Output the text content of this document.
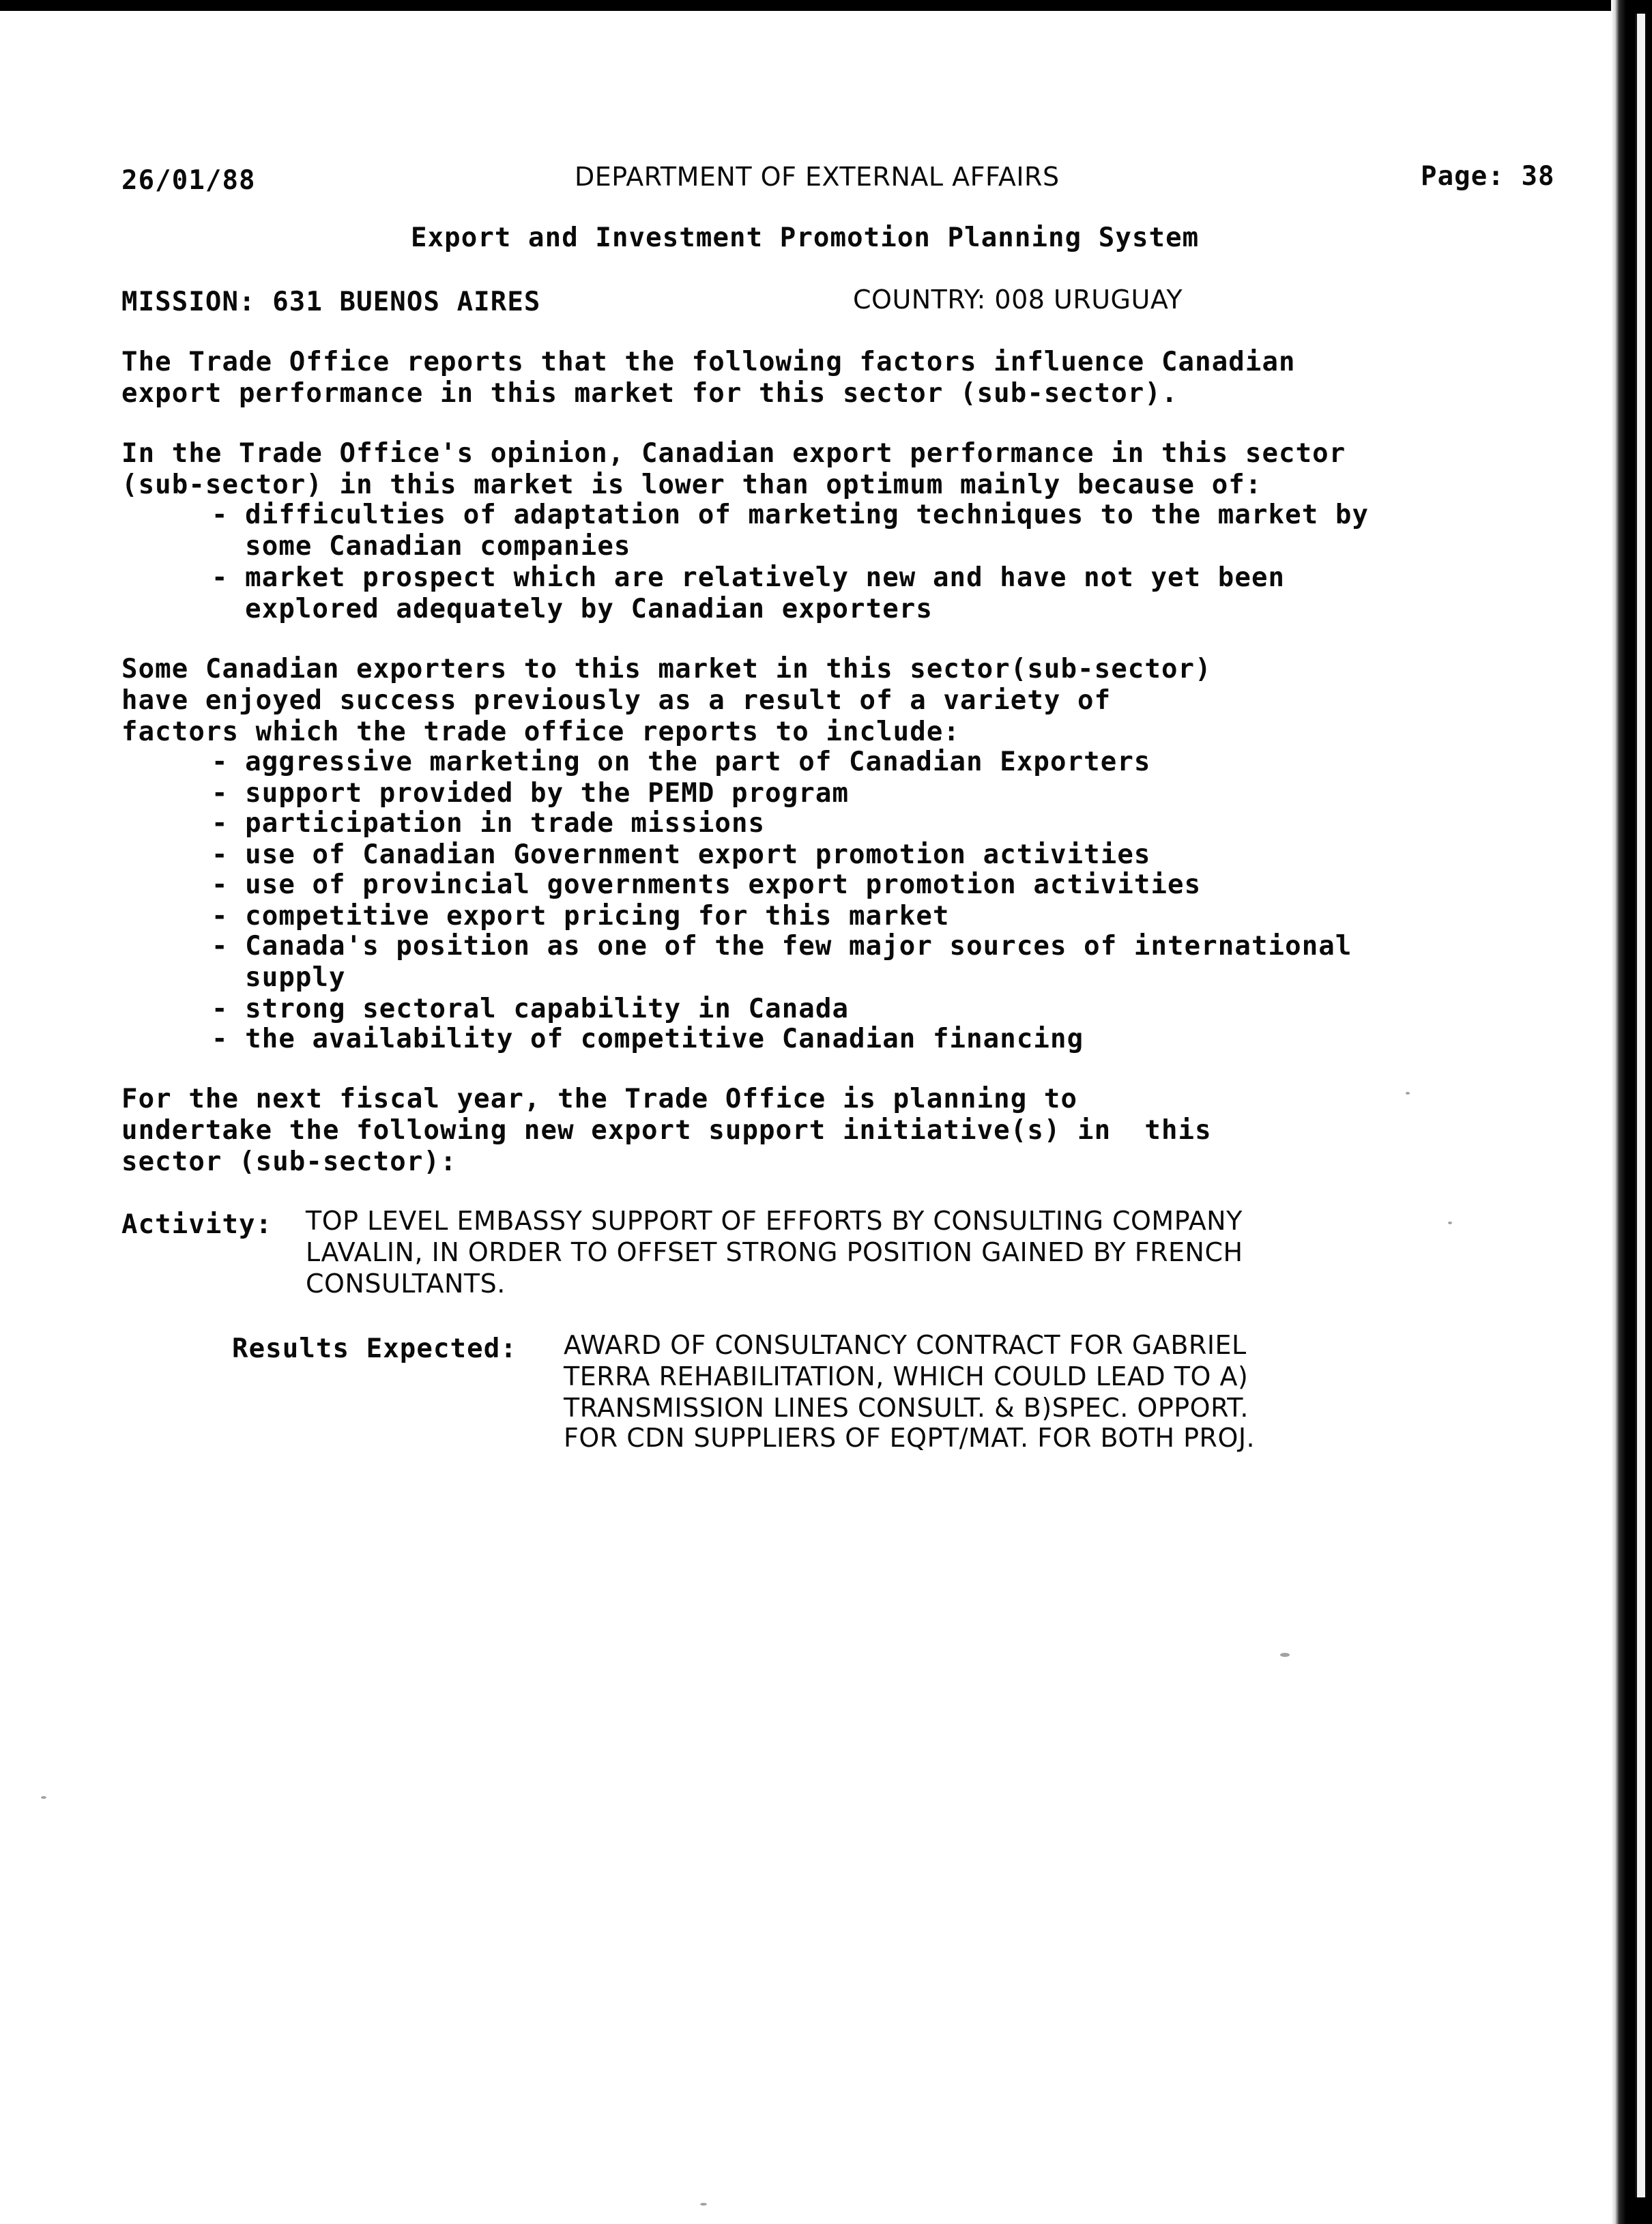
26/01/88	DEPARTMENT OF EXTERNAL AFFAIRS	Page: 38
Export and Investment Promotion Planning System
MISSION: 631 BUENOS AIRES	COUNTRY: 008 URUGUAY
The Trade Office reports that the following factors influence Canadian
export performance in this market for this sector (sub-sector).
In the Trade Office's opinion, Canadian export performance in this sector
(sub-sector) in this market is lower than optimum mainly because of:
- difficulties of adaptation of marketing techniques to the market by
some Canadian companies
- market prospect which are relatively new and have not yet been
explored adequately by Canadian exporters
Some Canadian exporters to this market in this sector(sub-sector)
have enjoyed success previously as a result of a variety of
factors which the trade office reports to include:
- aggressive marketing on the part of Canadian Exporters
- support provided by the PEMD program
- participation in trade missions
- use of Canadian Government export promotion activities
- use of provincial governments export promotion activities
- competitive export pricing for this market
- Canada's position as one of the few major sources of international
supply
- strong sectoral capability in Canada
- the availability of competitive Canadian financing
For the next fiscal year, the Trade Office is planning to
undertake the following new export support initiative(s) in  this
sector (sub-sector):
Activity: TOP LEVEL EMBASSY SUPPORT OF EFFORTS BY CONSULTING COMPANY
LAVALIN, IN ORDER TO OFFSET STRONG POSITION GAINED BY FRENCH
CONSULTANTS.
Results Expected: AWARD OF CONSULTANCY CONTRACT FOR GABRIEL
TERRA REHABILITATION, WHICH COULD LEAD TO A)
TRANSMISSION LINES CONSULT. & B)SPEC. OPPORT.
FOR CDN SUPPLIERS OF EQPT/MAT. FOR BOTH PROJ.
